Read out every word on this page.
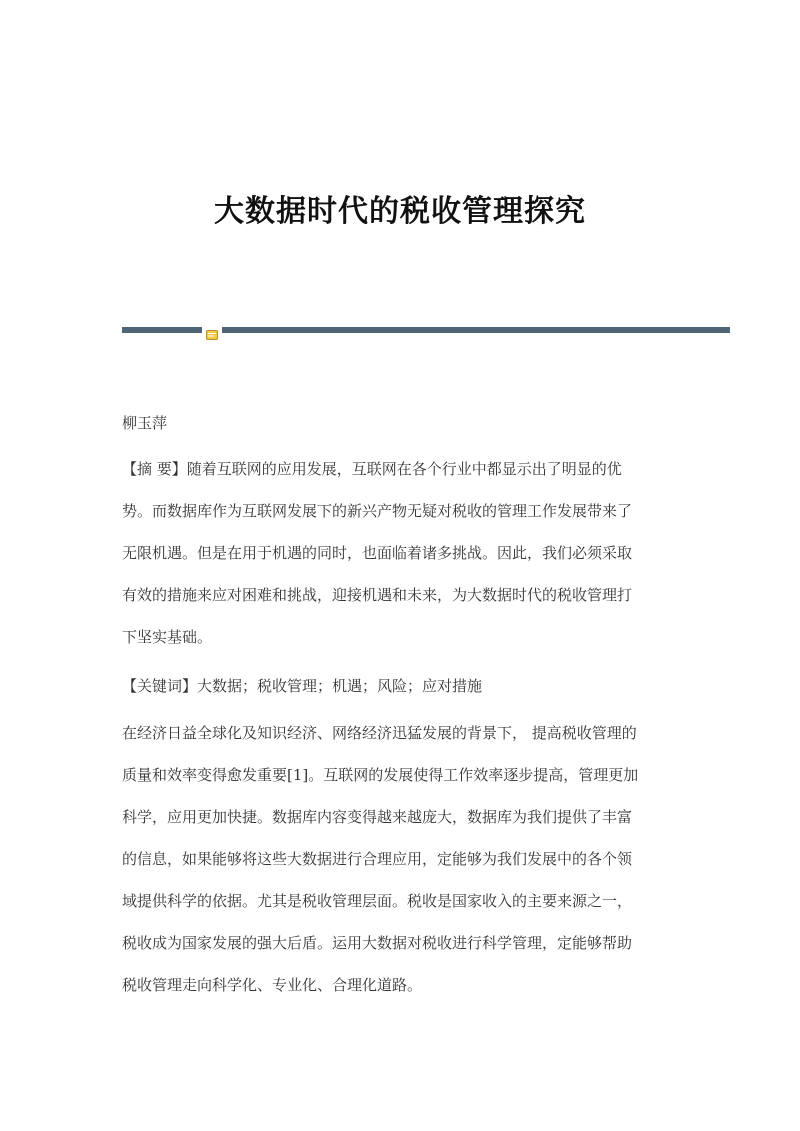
大数据时代的税收管理探究
柳玉萍
【摘 要】随着互联网的应用发展，互联网在各个行业中都显示出了明显的优
势。而数据库作为互联网发展下的新兴产物无疑对税收的管理工作发展带来了
无限机遇。但是在用于机遇的同时，也面临着诸多挑战。因此，我们必须采取
有效的措施来应对困难和挑战，迎接机遇和未来，为大数据时代的税收管理打
下坚实基础。
【关键词】大数据；税收管理；机遇；风险；应对措施
在经济日益全球化及知识经济、网络经济迅猛发展的背景下， 提高税收管理的
质量和效率变得愈发重要[1]。互联网的发展使得工作效率逐步提高，管理更加
科学，应用更加快捷。数据库内容变得越来越庞大，数据库为我们提供了丰富
的信息，如果能够将这些大数据进行合理应用，定能够为我们发展中的各个领
域提供科学的依据。尤其是税收管理层面。税收是国家收入的主要来源之一，
税收成为国家发展的强大后盾。运用大数据对税收进行科学管理，定能够帮助
税收管理走向科学化、专业化、合理化道路。
